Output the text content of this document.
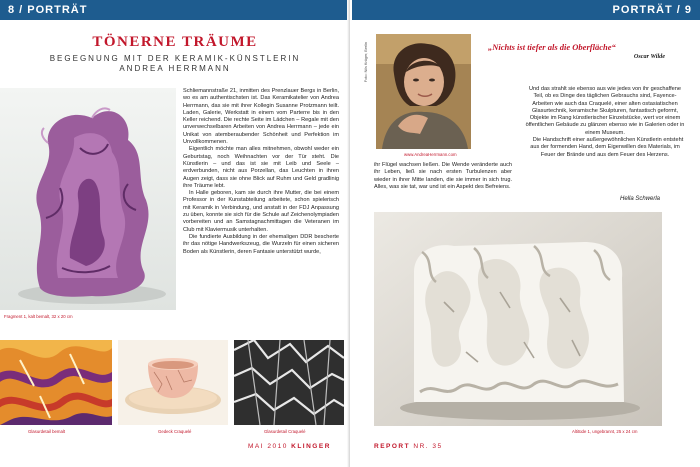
8 / PORTRÄT
TÖNERNE TRÄUME
BEGEGNUNG MIT DER KERAMIK-KÜNSTLERIN
ANDREA HERRMANN
Fragment 1, kalt bemalt, 32 x 20 cm

Schliemannstraße 21, inmitten des Prenzlauer Bergs in Berlin, wo es am authentischsten ist. Das Keramikatelier von Andrea Herrmann, das sie mit ihrer Kollegin Susanne Protzmann teilt. Laden, Galerie, Werkstatt in einem vom Parterre bis in den Keller reichend. Die rechte Seite im Lädchen – Regale mit den unverwechselbaren Arbeiten von Andrea Herrmann – jede ein Unikat von atemberaubender Schönheit und Perfektion im Unvollkommenen.

Eigentlich möchte man alles mitnehmen, obwohl weder ein Geburtstag, noch Weihnachten vor der Tür steht. Die Künstlerin – und das ist sie mit Leib und Seele – erdverbunden, nicht aus Porzellan, das Leuchten in ihren Augen zeigt, dass sie ohne Blick auf Ruhm und Geld gradlinig ihre Träume lebt.

In Halle geboren, kam sie durch ihre Mutter, die bei einem Professor in der Kunstabteilung arbeitete, schon spielerisch mit Keramik in Verbindung, und anstatt in der FDJ Anpassung zu üben, konnte sie sich für die Schule auf Zeichenolympiaden vorbereiten und an Samstagnachmittagen die Veteranen im Club mit Klaviermusik unterhalten.

Die fundierte Ausbildung in der ehemaligen DDR bescherte ihr das nötige Handwerkszeug, die Wurzeln für einen sicheren Boden als Künstlerin, deren Fantasie unterstützt wurde,

Glasurdetail bemalt	Gedeck Craquelé	Glasurdetail Craquelé
MAI 2010 KLINGER
PORTRÄT / 9
Foto: Nils Krüger, Berlin
www.AndreaHerrmann.com
„Nichts ist tiefer als die Oberfläche“
Oscar Wilde

Und das strahlt sie ebenso aus wie jedes von ihr geschaffene Teil, ob es Dinge des täglichen Gebrauchs sind, Fayence-Arbeiten wie auch das Craquelé, einer alten ostasiatischen Glasurtechnik, keramische Skulpturen, fantastisch geformt, Objekte im Rang künstlerischer Einzelstücke, wert vor einem öffentlichen Gebäude zu glänzen ebenso wie in Galerien oder in einem Museum.

Die Handschrift einer außergewöhnlichen Künstlerin entsteht aus der formenden Hand, dem Eigenwillen des Materials, im Feuer der Brände und aus dem Feuer des Herzens.

ihr Flügel wachsen ließen. Die Wende veränderte auch ihr Leben, ließ sie nach ersten Turbulenzen aber wieder in ihrer Mitte landen, die sie immer in sich trug. Alles, was sie tat, war und ist ein Aspekt des Befreiens.

Hella Schwerla
Altitüde 1, ungebrannt, 25 x 24 cm
REPORT NR. 35
